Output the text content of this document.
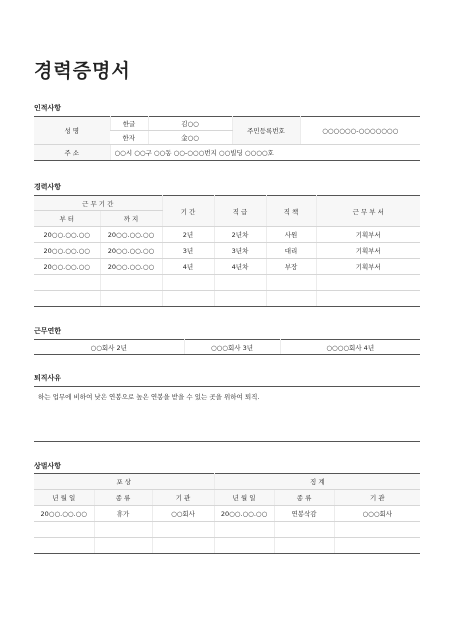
경력증명서
인적사항
성 명	한글	김○○	주민등록번호	○○○○○○-○○○○○○○
	한자	金○○		
주 소	○○시 ○○구 ○○동 ○○-○○○번지 ○○빌딩 ○○○○호			
경력사항
근 무 기 간		기 간	직 급	직 책	근 무 부 서
부 터	까 지				
20○○.○○.○○	20○○.○○.○○	2년	2년차	사원	기획부서
20○○.○○.○○	20○○.○○.○○	3년	3년차	대리	기획부서
20○○.○○.○○	20○○.○○.○○	4년	4년차	부장	기획부서

근무연한
○○회사 2년	○○○회사 3년	○○○○회사 4년
퇴직사유
하는 업무에 비하여 낮은 연봉으로 높은 연봉을 받을 수 있는 곳을 위하여 퇴직.
상벌사항
포 상			징 계		
년 월 일	종 류	기 관	년 월 일	종 류	기 관
20○○.○○.○○	휴가	○○회사	20○○.○○.○○	연봉삭감	○○○회사
